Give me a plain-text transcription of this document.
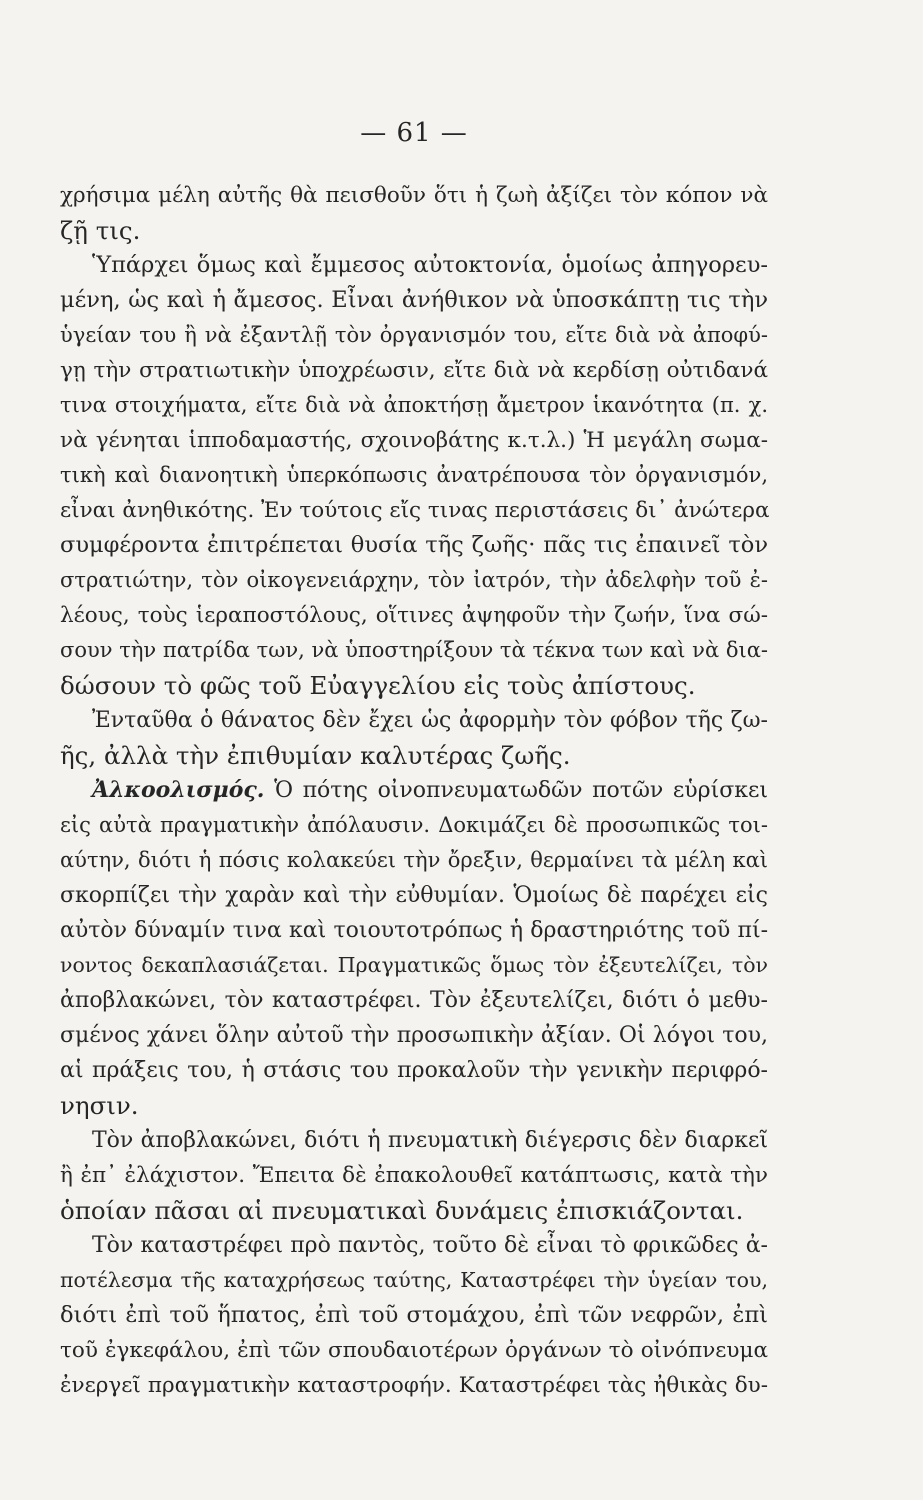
— 61 —
χρήσιμα μέλη αὐτῆς θὰ πεισθοῦν ὅτι ἡ ζωὴ ἀξίζει τὸν κόπον νὰ
ζῇ τις.
Ὑπάρχει ὅμως καὶ ἔμμεσος αὐτοκτονία, ὁμοίως ἀπηγορευ-
μένη, ὡς καὶ ἡ ἄμεσος. Εἶναι ἀνήθικον νὰ ὑποσκάπτῃ τις τὴν
ὑγείαν του ἢ νὰ ἐξαντλῇ τὸν ὀργανισμόν του, εἴτε διὰ νὰ ἀποφύ-
γῃ τὴν στρατιωτικὴν ὑποχρέωσιν, εἴτε διὰ νὰ κερδίσῃ οὐτιδανά
τινα στοιχήματα, εἴτε διὰ νὰ ἀποκτήσῃ ἄμετρον ἱκανότητα (π. χ.
νὰ γένηται ἱπποδαμαστής, σχοινοβάτης κ.τ.λ.) Ἡ μεγάλη σωμα-
τικὴ καὶ διανοητικὴ ὑπερκόπωσις ἀνατρέπουσα τὸν ὀργανισμόν,
εἶναι ἀνηθικότης. Ἐν τούτοις εἴς τινας περιστάσεις δι᾽ ἀνώτερα
συμφέροντα ἐπιτρέπεται θυσία τῆς ζωῆς· πᾶς τις ἐπαινεῖ τὸν
στρατιώτην, τὸν οἰκογενειάρχην, τὸν ἰατρόν, τὴν ἀδελφὴν τοῦ ἐ-
λέους, τοὺς ἱεραποστόλους, οἵτινες ἀψηφοῦν τὴν ζωήν, ἵνα σώ-
σουν τὴν πατρίδα των, νὰ ὑποστηρίξουν τὰ τέκνα των καὶ νὰ δια-
δώσουν τὸ φῶς τοῦ Εὐαγγελίου εἰς τοὺς ἀπίστους.
Ἐνταῦθα ὁ θάνατος δὲν ἔχει ὡς ἀφορμὴν τὸν φόβον τῆς ζω-
ῆς, ἀλλὰ τὴν ἐπιθυμίαν καλυτέρας ζωῆς.
Ἀλκοολισμός. Ὁ πότης οἰνοπνευματωδῶν ποτῶν εὑρίσκει
εἰς αὐτὰ πραγματικὴν ἀπόλαυσιν. Δοκιμάζει δὲ προσωπικῶς τοι-
αύτην, διότι ἡ πόσις κολακεύει τὴν ὄρεξιν, θερμαίνει τὰ μέλη καὶ
σκορπίζει τὴν χαρὰν καὶ τὴν εὐθυμίαν. Ὁμοίως δὲ παρέχει εἰς
αὐτὸν δύναμίν τινα καὶ τοιουτοτρόπως ἡ δραστηριότης τοῦ πί-
νοντος δεκαπλασιάζεται. Πραγματικῶς ὅμως τὸν ἐξευτελίζει, τὸν
ἀποβλακώνει, τὸν καταστρέφει. Τὸν ἐξευτελίζει, διότι ὁ μεθυ-
σμένος χάνει ὅλην αὐτοῦ τὴν προσωπικὴν ἀξίαν. Οἱ λόγοι του,
αἱ πράξεις του, ἡ στάσις του προκαλοῦν τὴν γενικὴν περιφρό-
νησιν.
Τὸν ἀποβλακώνει, διότι ἡ πνευματικὴ διέγερσις δὲν διαρκεῖ
ἢ ἐπ᾽ ἐλάχιστον. Ἔπειτα δὲ ἐπακολουθεῖ κατάπτωσις, κατὰ τὴν
ὁποίαν πᾶσαι αἱ πνευματικαὶ δυνάμεις ἐπισκιάζονται.
Τὸν καταστρέφει πρὸ παντὸς, τοῦτο δὲ εἶναι τὸ φρικῶδες ἀ-
ποτέλεσμα τῆς καταχρήσεως ταύτης, Καταστρέφει τὴν ὑγείαν του,
διότι ἐπὶ τοῦ ἥπατος, ἐπὶ τοῦ στομάχου, ἐπὶ τῶν νεφρῶν, ἐπὶ
τοῦ ἐγκεφάλου, ἐπὶ τῶν σπουδαιοτέρων ὀργάνων τὸ οἰνόπνευμα
ἐνεργεῖ πραγματικὴν καταστροφήν. Καταστρέφει τὰς ἠθικὰς δυ-
